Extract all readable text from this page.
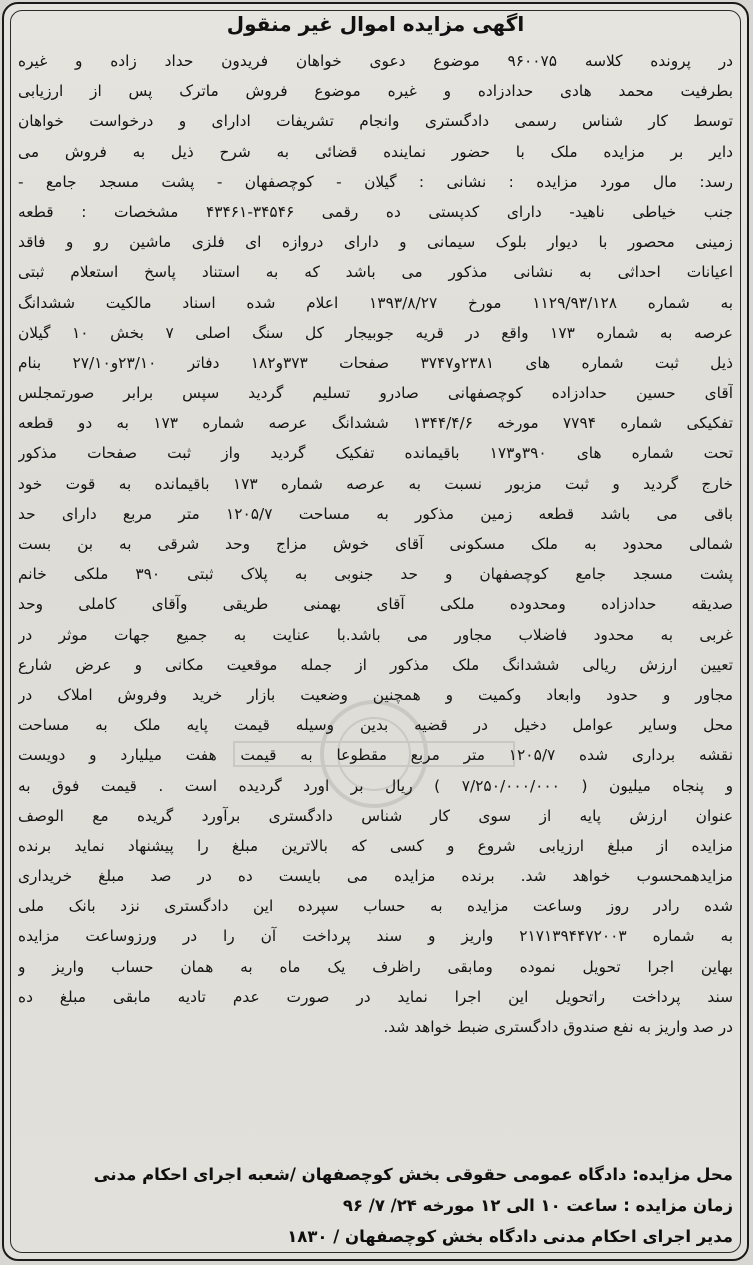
اگهی مزایده اموال غیر منقول
در پرونده کلاسه ۹۶۰۰۷۵ موضوع دعوی خواهان فریدون حداد زاده و غیره
بطرفیت محمد هادی حدادزاده و غیره موضوع فروش ماترک پس از ارزیابی
توسط کار شناس رسمی دادگستری وانجام تشریفات ادارای و درخواست خواهان
دایر بر مزایده ملک با حضور نماینده قضائی به شرح ذیل به فروش می
رسد: مال مورد مزایده : نشانی : گیلان - کوچصفهان - پشت مسجد جامع -
جنب خیاطی ناهید- دارای کدپستی ده رقمی ۳۴۵۴۶-۴۳۴۶۱ مشخصات : قطعه
زمینی محصور با دیوار بلوک سیمانی و دارای دروازه ای فلزی ماشین رو و فاقد
اعیانات احداثی به نشانی مذکور می باشد که به استناد پاسخ استعلام ثبتی
به شماره ۱۱۲۹/۹۳/۱۲۸ مورخ ۱۳۹۳/۸/۲۷ اعلام شده اسناد مالکیت ششدانگ
عرصه به شماره ۱۷۳ واقع در قریه جوبیجار کل سنگ اصلی ۷ بخش ۱۰ گیلان
ذیل ثبت شماره های ۲۳۸۱و۳۷۴۷ صفحات ۳۷۳و۱۸۲ دفاتر ۲۳/۱۰و۲۷/۱۰ بنام
آقای حسین حدادزاده کوچصفهانی صادرو تسلیم گردید سپس برابر صورتمجلس
تفکیکی شماره ۷۷۹۴ مورخه ۱۳۴۴/۴/۶ ششدانگ عرصه شماره ۱۷۳ به دو قطعه
تحت شماره های ۳۹۰و۱۷۳ باقیمانده تفکیک گردید واز ثبت صفحات مذکور
خارج گردید و ثبت مزبور نسبت به عرصه شماره ۱۷۳ باقیمانده به قوت خود
باقی می باشد قطعه زمین مذکور به مساحت ۱۲۰۵/۷ متر مربع دارای حد
شمالی محدود به ملک مسکونی آقای خوش مزاج وحد شرقی به بن بست
پشت مسجد جامع کوچصفهان و حد جنوبی به پلاک ثبتی ۳۹۰ ملکی خانم
صدیقه حدادزاده ومحدوده ملکی آقای بهمنی طریقی وآقای کاملی وحد
غربی به محدود فاضلاب مجاور می باشد.با عنایت به جمیع جهات موثر در
تعیین ارزش ریالی ششدانگ ملک مذکور از جمله موقعیت مکانی و عرض شارع
مجاور و حدود وابعاد وکمیت و همچنین وضعیت بازار خرید وفروش املاک در
محل وسایر عوامل دخیل در قضیه بدین وسیله قیمت پایه ملک به مساحت
نقشه برداری شده ۱۲۰۵/۷ متر مربع مقطوعا به قیمت هفت میلیارد و دویست
و پنجاه میلیون ( ۷/۲۵۰/۰۰۰/۰۰۰ ) ریال بر اورد گردیده است . قیمت فوق به
عنوان ارزش پایه از سوی کار شناس دادگستری برآورد گریده مع الوصف
مزایده از مبلغ ارزیابی شروع و کسی که بالاترین مبلغ را پیشنهاد نماید برنده
مزایدهمحسوب خواهد شد. برنده مزایده می بایست ده در صد مبلغ خریداری
شده رادر روز وساعت مزایده به حساب سپرده این دادگستری نزد بانک ملی
به شماره ۲۱۷۱۳۹۴۴۷۲۰۰۳ واریز و سند پرداخت آن را در ورزوساعت مزایده
بهاین اجرا تحویل نموده ومابقی راظرف یک ماه به همان حساب واریز و
سند پرداخت راتحویل این اجرا نماید در صورت عدم تادیه مابقی مبلغ ده
در صد واریز به نفع صندوق دادگستری ضبط خواهد شد.
محل مزایده: دادگاه عمومی حقوقی بخش کوچصفهان /شعبه اجرای احکام مدنی
زمان مزایده : ساعت ۱۰ الی ۱۲ مورخه ۲۴/ ۷/ ۹۶
مدیر اجرای احکام مدنی دادگاه بخش کوچصفهان / ۱۸۳۰
